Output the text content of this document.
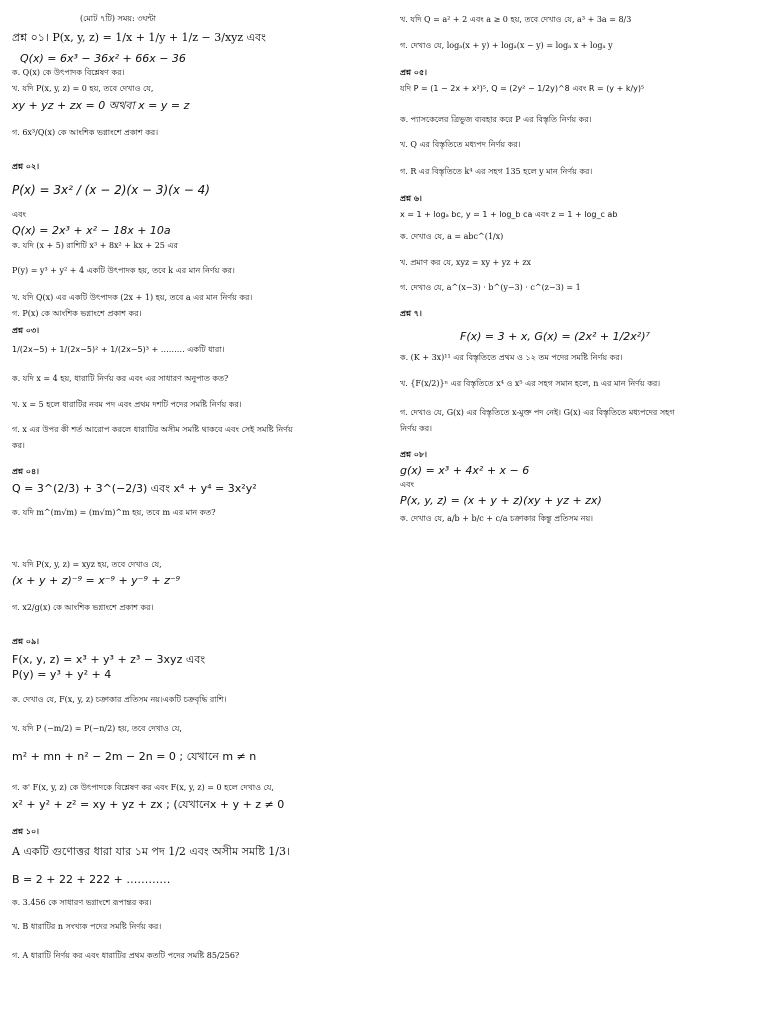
(মোট ৭টি) সময়: ৩ঘন্টা
প্রশ্ন ০১। P(x, y, z) = 1/x + 1/y + 1/z − 3/xyz এবং
Q(x) = 6x³ − 36x² + 66x − 36
ক. Q(x) কে উৎপাদক বিশ্লেষণ কর।
খ. যদি P(x, y, z) = 0 হয়, তবে দেখাও যে,
xy + yz + zx = 0 অথবা x = y = z
গ. 6x³/Q(x) কে আংশিক ভগ্নাংশে প্রকাশ কর।
প্রশ্ন ০২।
P(x) = 3x² / (x − 2)(x − 3)(x − 4)
এবং
Q(x) = 2x³ + x² − 18x + 10a
ক. যদি (x + 5) রাশিটি x³ + 8x² + kx + 25 এর
P(y) = y³ + y² + 4 একটি উৎপাদক হয়, তবে k এর মান নির্ণয় কর।
খ. যদি Q(x) এর একটি উৎপাদক (2x + 1) হয়, তবে a এর মান নির্ণয় কর।
গ. P(x) কে আংশিক ভগ্নাংশে প্রকাশ কর।
প্রশ্ন ০৩।
1/(2x−5) + 1/(2x−5)² + 1/(2x−5)³ + ……… একটি ধারা।
ক. যদি x = 4 হয়, ধারাটি নির্ণয় কর এবং এর সাধারণ অনুপাত কত?
খ. x = 5 হলে ধারাটির নবম পদ এবং প্রথম দশটি পদের সমষ্টি নির্ণয় কর।
গ. x এর উপর কী শর্ত আরোপ করলে ধারাটির অসীম সমষ্টি থাকবে এবং সেই সমষ্টি নির্ণয়
কর।
প্রশ্ন ০৪।
Q = 3^(2/3) + 3^(−2/3) এবং x⁴ + y⁴ = 3x²y²
ক. যদি m^(m√m) = (m√m)^m হয়, তবে m এর মান কত?
খ. যদি P(x, y, z) = xyz হয়, তবে দেখাও যে,
(x + y + z)⁻⁹ = x⁻⁹ + y⁻⁹ + z⁻⁹
গ. x2/g(x) কে আংশিক ভগ্নাংশে প্রকাশ কর।
প্রশ্ন ০৯।
F(x, y, z) = x³ + y³ + z³ − 3xyz এবং
P(y) = y³ + y² + 4
ক. দেখাও যে, F(x, y, z) চক্রাকার প্রতিসম নয়।একটি চক্রবৃদ্ধি রাশি।
খ. যদি P (−m/2) = P(−n/2) হয়, তবে দেখাও যে,
m² + mn + n² − 2m − 2n = 0 ; যেখানে m ≠ n
গ. ক' F(x, y, z) কে উৎপাদকে বিশ্লেষণ কর এবং F(x, y, z) = 0 হলে দেখাও যে,
x² + y² + z² = xy + yz + zx ; (যেখানেx + y + z ≠ 0
প্রশ্ন ১০।
A একটি গুণোত্তর ধারা যার ১ম পদ 1/2 এবং অসীম সমষ্টি 1/3।
B = 2 + 22 + 222 + …………
ক. 3.456 কে সাধারণ ভগ্নাংশে রূপান্তর কর।
খ. B ধারাটির n সংখ্যক পদের সমষ্টি নির্ণয় কর।
গ. A ধারাটি নির্ণয় কর এবং ধারাটির প্রথম কতটি পদের সমষ্টি 85/256?
খ. যদি Q = a² + 2 এবং a ≥ 0 হয়, তবে দেখাও যে, a³ + 3a = 8/3
গ. দেখাও যে, logₐ(x + y) + logₐ(x − y) = logₐ x + logₐ y
প্রশ্ন ০৫।
যদি P = (1 − 2x + x²)⁵, Q = (2y² − 1/2y)^8 এবং R = (y + k/y)⁵
ক. প্যাসকেলের ত্রিভুজ ব্যবহার করে P এর বিস্তৃতি নির্ণয় কর।
খ. Q এর বিস্তৃতিতে মধ্যপদ নির্ণয় কর।
গ. R এর বিস্তৃতিতে k⁴ এর সহগ 135 হলে y মান নির্ণয় কর।
প্রশ্ন ৬।
x = 1 + logₐ bc, y = 1 + log_b ca এবং z = 1 + log_c ab
ক. দেখাও যে, a = abc^(1/x)
খ. প্রমাণ কর যে, xyz = xy + yz + zx
গ. দেখাও যে, a^(x−3) · b^(y−3) · c^(z−3) = 1
প্রশ্ন ৭।
F(x) = 3 + x, G(x) = (2x² + 1/2x²)⁷
ক. (K + 3x)¹¹ এর বিস্তৃতিতে প্রথম ও ১২ তম পদের সমষ্টি নির্ণয় কর।
খ. {F(x/2)}ⁿ এর বিস্তৃতিতে x⁴ ও x⁵ এর সহগ সমান হলে, n এর মান নির্ণয় কর।
গ. দেখাও যে, G(x) এর বিস্তৃতিতে x-মুক্ত পদ নেই। G(x) এর বিস্তৃতিতে মধ্যপদের সহগ
নির্ণয় কর।
প্রশ্ন ০৮।
g(x) = x³ + 4x² + x − 6
এবং
P(x, y, z) = (x + y + z)(xy + yz + zx)
ক. দেখাও যে, a/b + b/c + c/a চক্রাকার কিন্তু প্রতিসম নয়।
